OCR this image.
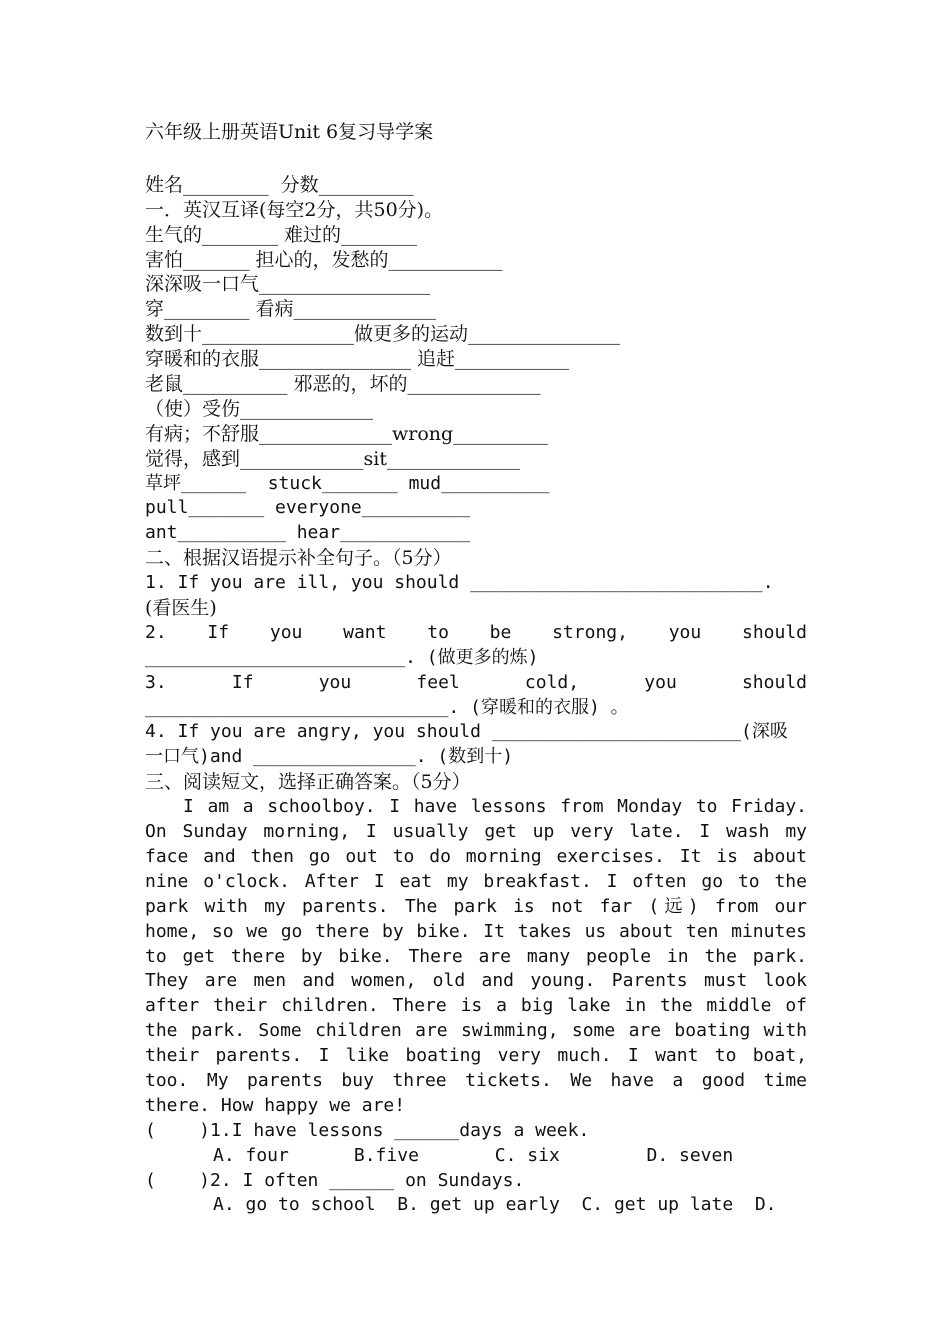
六年级上册英语Unit 6复习导学案
姓名_________  分数__________
一．英汉互译(每空2分，共50分)。
生气的________ 难过的________
害怕_______ 担心的，发愁的____________
深深吸一口气__________________
穿_________ 看病_______________
数到十________________做更多的运动________________
穿暖和的衣服________________ 追赶____________
老鼠___________ 邪恶的，坏的______________
（使）受伤______________
有病；不舒服______________wrong__________
觉得，感到_____________sit______________
草坪______  stuck_______ mud__________
pull_______ everyone__________
ant__________ hear____________
二、根据汉语提示补全句子。（5分）
1. If you are ill, you should ___________________________.
(看医生)
2. If you want to be strong, you should
________________________. (做更多的炼)
3. If you feel cold, you should
____________________________. (穿暖和的衣服) 。
4. If you are angry, you should _______________________(深吸
一口气)and _______________. (数到十)
三、阅读短文，选择正确答案。（5分）
I am a schoolboy. I have lessons from Monday to Friday.
On Sunday morning, I usually get up very late. I wash my
face and then go out to do morning exercises. It is about
nine o'clock. After I eat my breakfast. I often go to the
park with my parents. The park is not far (远) from our
home, so we go there by bike. It takes us about ten minutes
to get there by bike. There are many people in the park.
They are men and women, old and young. Parents must look
after their children. There is a big lake in the middle of
the park. Some children are swimming, some are boating with
their parents. I like boating very much. I want to boat,
too. My parents buy three tickets. We have a good time
there. How happy we are!
(    )1.I have lessons ______days a week.
A. four      B.five       C. six        D. seven
(    )2. I often ______ on Sundays.
A. go to school  B. get up early  C. get up late  D.
